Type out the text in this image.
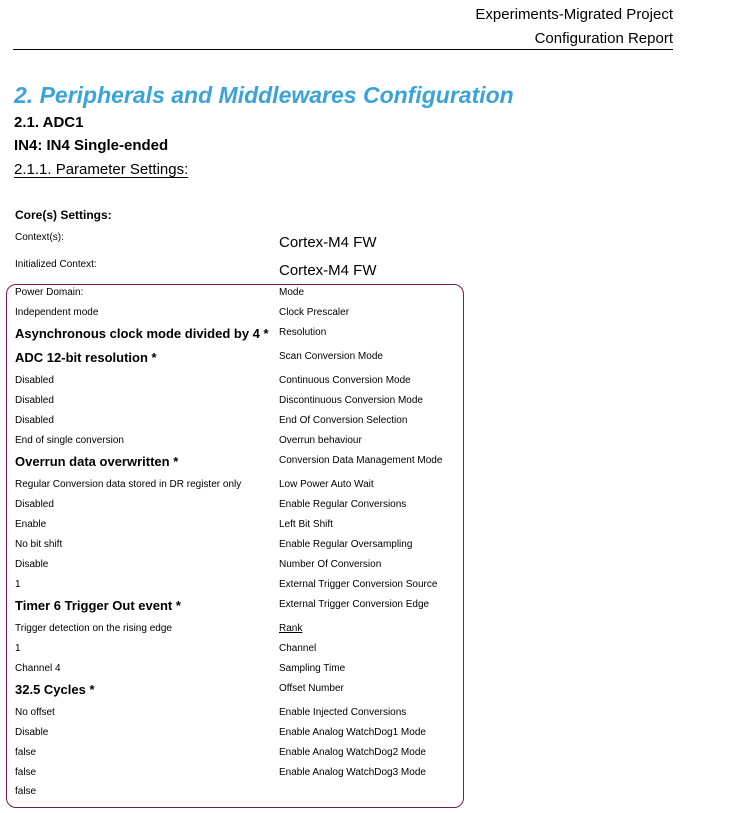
Experiments-Migrated Project
Configuration Report
2. Peripherals and Middlewares Configuration
2.1. ADC1
IN4: IN4 Single-ended
2.1.1. Parameter Settings:
Core(s) Settings:
Context(s):	Cortex-M4 FW
Initialized Context:	Cortex-M4 FW
Power Domain:
Independent mode
Asynchronous clock mode divided by 4 *
ADC 12-bit resolution *
Disabled
Disabled
Disabled
End of single conversion
Overrun data overwritten *
Regular Conversion data stored in DR register only
Disabled
Enable
No bit shift
Disable
1
Timer 6 Trigger Out event *
Trigger detection on the rising edge
1
Channel 4
32.5 Cycles *
No offset
Disable
false
false
false
Mode
Clock Prescaler
Resolution
Scan Conversion Mode
Continuous Conversion Mode
Discontinuous Conversion Mode
End Of Conversion Selection
Overrun behaviour
Conversion Data Management Mode
Low Power Auto Wait
Enable Regular Conversions
Left Bit Shift
Enable Regular Oversampling
Number Of Conversion
External Trigger Conversion Source
External Trigger Conversion Edge
Rank
Channel
Sampling Time
Offset Number
Enable Injected Conversions
Enable Analog WatchDog1 Mode
Enable Analog WatchDog2 Mode
Enable Analog WatchDog3 Mode
